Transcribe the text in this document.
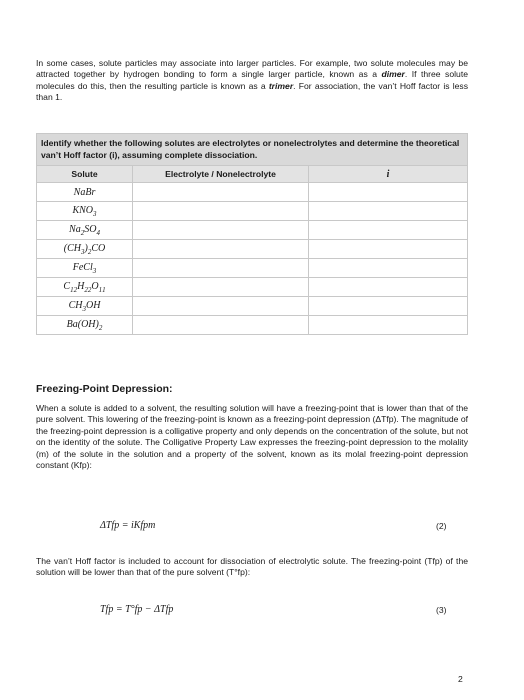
In some cases, solute particles may associate into larger particles. For example, two solute molecules may be attracted together by hydrogen bonding to form a single larger particle, known as a dimer. If three solute molecules do this, then the resulting particle is known as a trimer. For association, the van’t Hoff factor is less than 1.

Identify whether the following solutes are electrolytes or nonelectrolytes and determine the theoretical van’t Hoff factor (i), assuming complete dissociation.		
Solute	Electrolyte / Nonelectrolyte	i
NaBr		
$KNO_3$		
$Na_2SO_4$		
$(CH_3)_2CO$		
FeCl$_3$		
$C_{12}H_{22}O_{11}$		
$CH_3OH$		
$Ba(OH)_2$		
Freezing-Point Depression:

When a solute is added to a solvent, the resulting solution will have a freezing-point that is lower than that of the pure solvent. This lowering of the freezing-point is known as a freezing-point depression (ΔTfp). The magnitude of the freezing-point depression is a colligative property and only depends on the concentration of the solute, but not on the identity of the solute. The Colligative Property Law expresses the freezing-point depression to the molality (m) of the solute in the solution and a property of the solvent, known as its molal freezing-point depression constant (Kfp):

ΔTfp = iKfpm	(2)

The van’t Hoff factor is included to account for dissociation of electrolytic solute. The freezing-point (Tfp) of the solution will be lower than that of the pure solvent (T°fp):

Tfp = T°fp − ΔTfp	(3)
2
